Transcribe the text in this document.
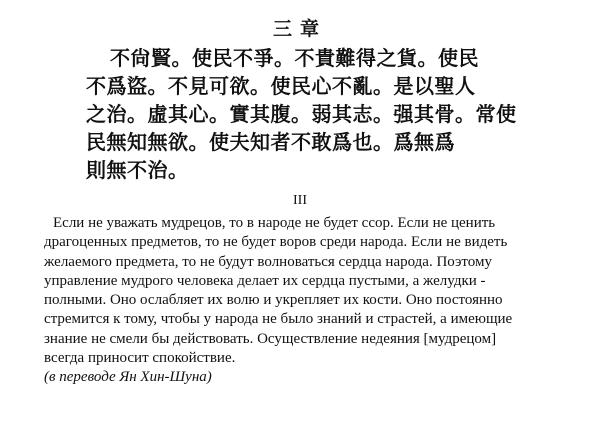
三章
不尙賢。使民不爭。不貴難得之貨。使民
不爲盜。不見可欲。使民心不亂。是以聖人
之治。虛其心。實其腹。弱其志。强其骨。常使
民無知無欲。使夫知者不敢爲也。爲無爲
則無不治。
III
Если не уважать мудрецов, то в народе не будет ссор. Если не ценить
драгоценных предметов, то не будет воров среди народа. Если не видеть
желаемого предмета, то не будут волноваться сердца народа. Поэтому
управление мудрого человека делает их сердца пустыми, а желудки -
полными. Оно ослабляет их волю и укрепляет их кости. Оно постоянно
стремится к тому, чтобы у народа не было знаний и страстей, а имеющие
знание не смели бы действовать. Осуществление недеяния [мудрецом]
всегда приносит спокойствие.
(в переводе Ян Хин-Шуна)
